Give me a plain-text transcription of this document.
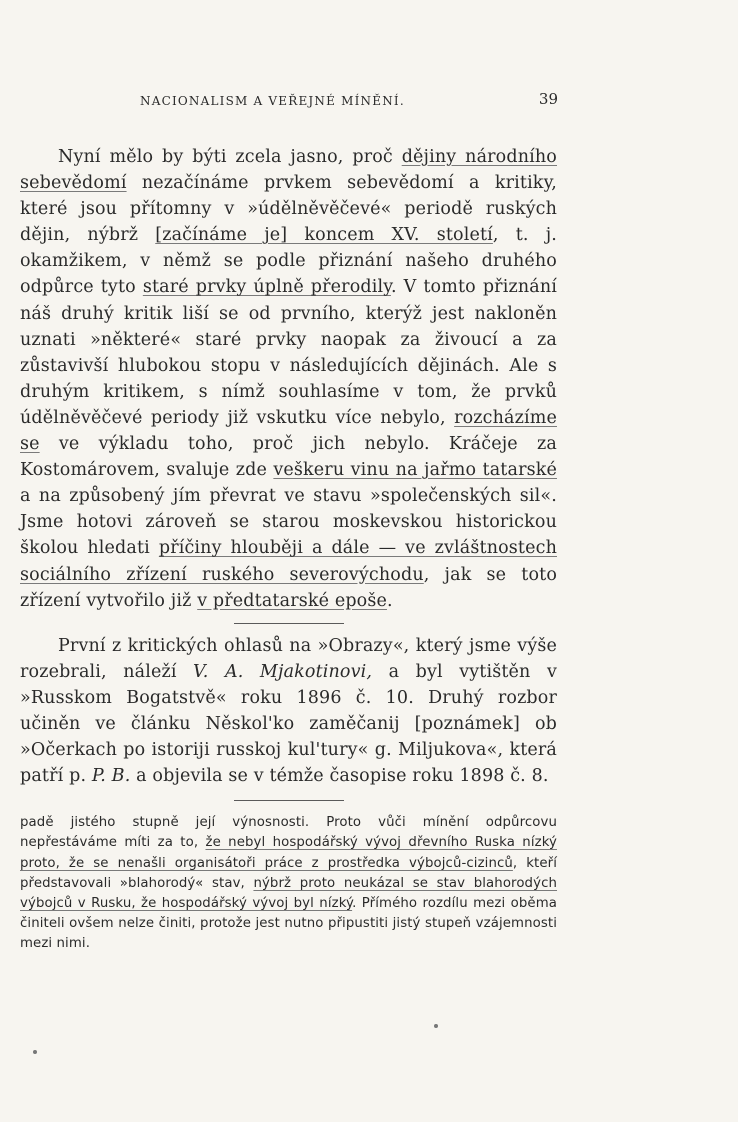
NACIONALISM A VEŘEJNÉ MÍNĚNÍ.	39

Nyní mělo by býti zcela jasno, proč dějiny národního sebevědomí nezačínáme prvkem sebevědomí a kritiky, které jsou přítomny v »údělněvěčevé« periodě ruských dějin, nýbrž [začínáme je] koncem XV. století, t. j. okamžikem, v němž se podle přiznání našeho druhého odpůrce tyto staré prvky úplně přerodily. V tomto přiznání náš druhý kritik liší se od prvního, kterýž jest nakloněn uznati »některé« staré prvky naopak za živoucí a za zůstavivší hlubokou stopu v následujících dějinách. Ale s druhým kritikem, s nímž souhlasíme v tom, že prvků údělněvěčevé periody již vskutku více nebylo, rozcházíme se ve výkladu toho, proč jich nebylo. Kráčeje za Kostomárovem, svaluje zde veškeru vinu na jařmo tatarské a na způsobený jím převrat ve stavu »společenských sil«. Jsme hotovi zároveň se starou moskevskou historickou školou hledati příčiny hlouběji a dále — ve zvláštnostech sociálního zřízení ruského severovýchodu, jak se toto zřízení vytvořilo již v předtatarské epoše.

První z kritických ohlasů na »Obrazy«, který jsme výše rozebrali, náleží V. A. Mjakotinovi, a byl vytištěn v »Russkom Bogatstvě« roku 1896 č. 10. Druhý rozbor učiněn ve článku Něskol'ko zaměčanij [poznámek] ob »Očerkach po istoriji russkoj kul'tury« g. Miljukova«, která patří p. P. B. a objevila se v témže časopise roku 1898 č. 8.

padě jistého stupně její výnosnosti. Proto vůči mínění odpůrcovu nepřestáváme míti za to, že nebyl hospodářský vývoj dřevního Ruska nízký proto, že se nenašli organisátoři práce z prostředka výbojců-cizinců, kteří představovali »blahorodý« stav, nýbrž proto neukázal se stav blahorodých výbojců v Rusku, že hospodářský vývoj byl nízký. Přímého rozdílu mezi oběma činiteli ovšem nelze činiti, protože jest nutno připustiti jistý stupeň vzájemnosti mezi nimi.
